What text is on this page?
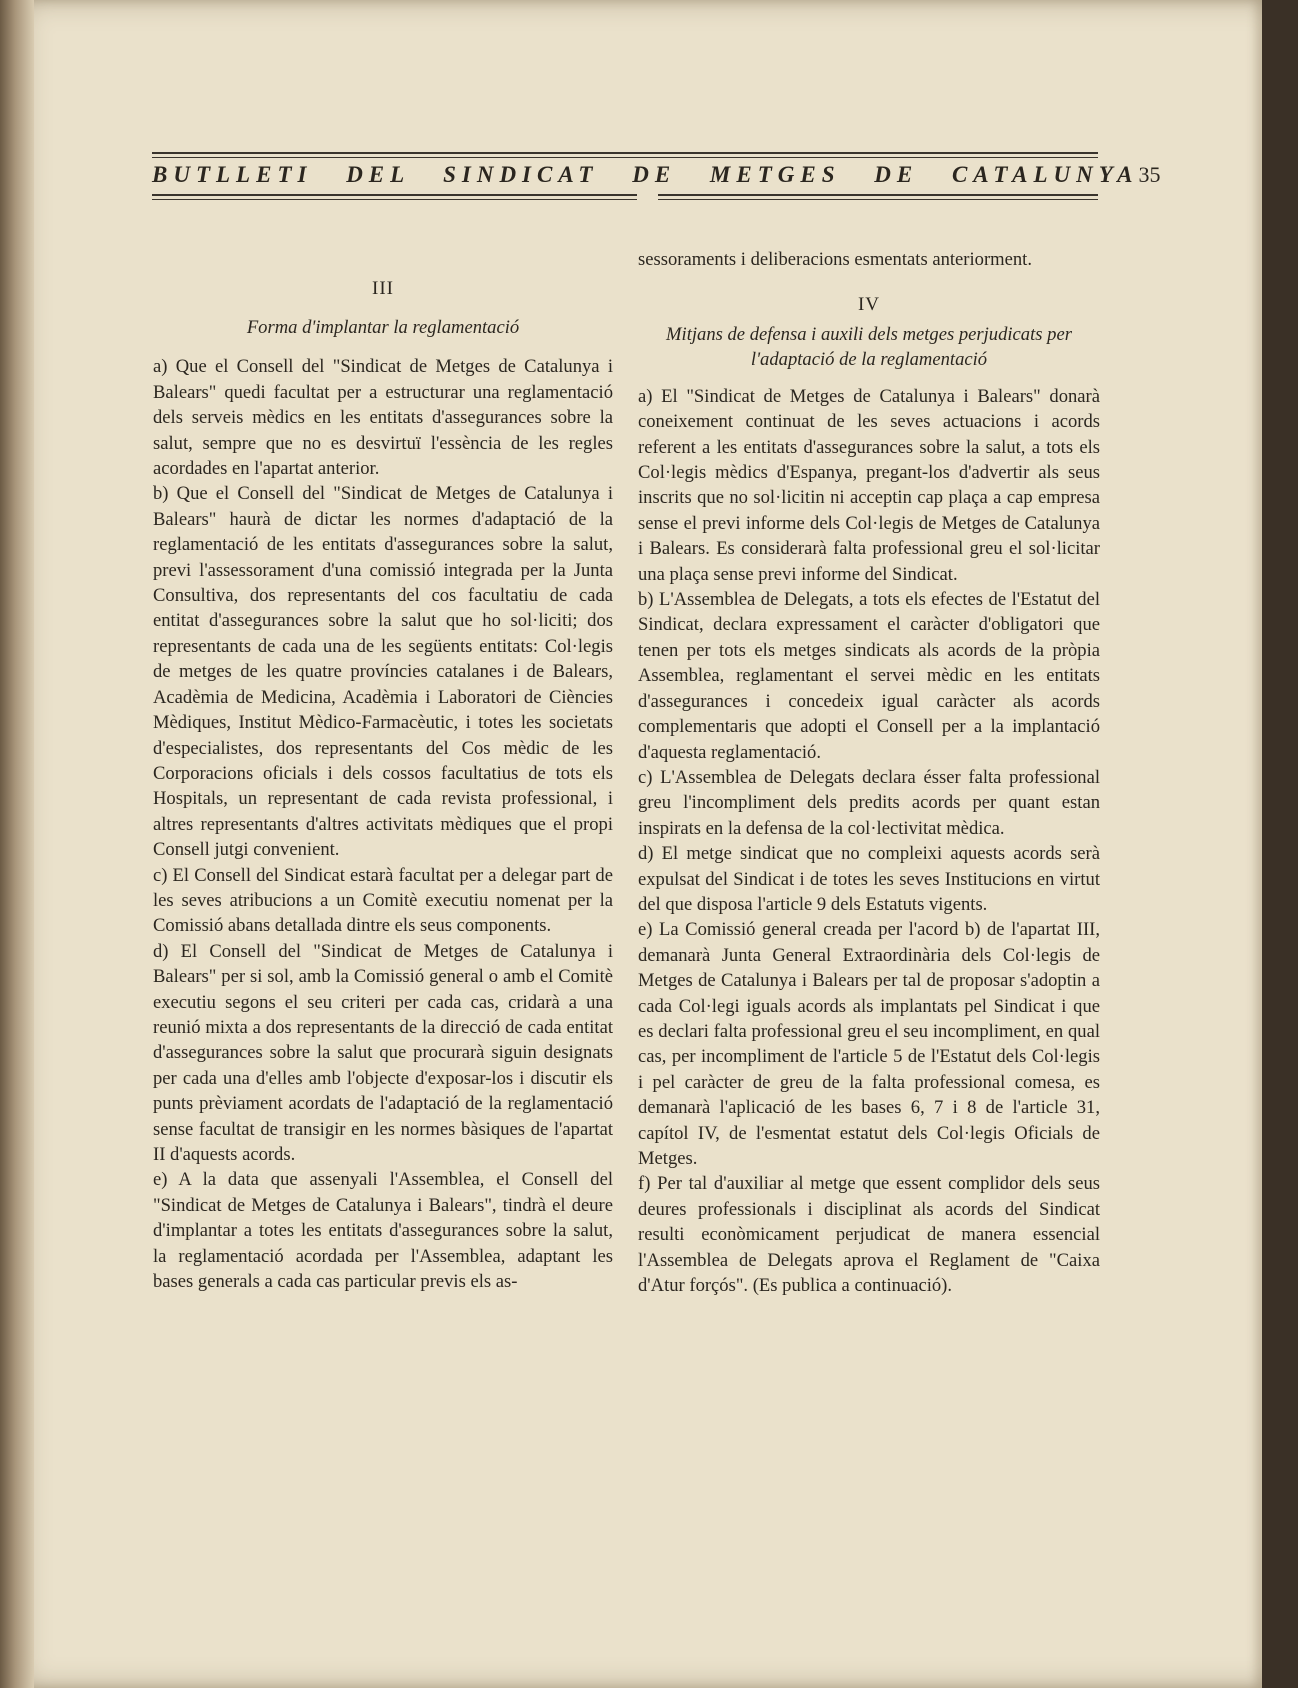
BUTLLETI DEL SINDICAT DE METGES DE CATALUNYA 35
III
Forma d'implantar la reglamentació

a) Que el Consell del "Sindicat de Metges de Catalunya i Balears" quedi facultat per a estructurar una reglamentació dels serveis mèdics en les entitats d'assegurances sobre la salut, sempre que no es desvirtuï l'essència de les regles acordades en l'apartat anterior.

b) Que el Consell del "Sindicat de Metges de Catalunya i Balears" haurà de dictar les normes d'adaptació de la reglamentació de les entitats d'assegurances sobre la salut, previ l'assessorament d'una comissió integrada per la Junta Consultiva, dos representants del cos facultatiu de cada entitat d'assegurances sobre la salut que ho sol·liciti; dos representants de cada una de les següents entitats: Col·legis de metges de les quatre províncies catalanes i de Balears, Acadèmia de Medicina, Acadèmia i Laboratori de Ciències Mèdiques, Institut Mèdico-Farmacèutic, i totes les societats d'especialistes, dos representants del Cos mèdic de les Corporacions oficials i dels cossos facultatius de tots els Hospitals, un representant de cada revista professional, i altres representants d'altres activitats mèdiques que el propi Consell jutgi convenient.

c) El Consell del Sindicat estarà facultat per a delegar part de les seves atribucions a un Comitè executiu nomenat per la Comissió abans detallada dintre els seus components.

d) El Consell del "Sindicat de Metges de Catalunya i Balears" per si sol, amb la Comissió general o amb el Comitè executiu segons el seu criteri per cada cas, cridarà a una reunió mixta a dos representants de la direcció de cada entitat d'assegurances sobre la salut que procurarà siguin designats per cada una d'elles amb l'objecte d'exposar-los i discutir els punts prèviament acordats de l'adaptació de la reglamentació sense facultat de transigir en les normes bàsiques de l'apartat II d'aquests acords.

e) A la data que assenyali l'Assemblea, el Consell del "Sindicat de Metges de Catalunya i Balears", tindrà el deure d'implantar a totes les entitats d'assegurances sobre la salut, la reglamentació acordada per l'Assemblea, adaptant les bases generals a cada cas particular previs els as-

sessoraments i deliberacions esmentats anteriorment.

IV
Mitjans de defensa i auxili dels metges perjudicats per l'adaptació de la reglamentació

a) El "Sindicat de Metges de Catalunya i Balears" donarà coneixement continuat de les seves actuacions i acords referent a les entitats d'assegurances sobre la salut, a tots els Col·legis mèdics d'Espanya, pregant-los d'advertir als seus inscrits que no sol·licitin ni acceptin cap plaça a cap empresa sense el previ informe dels Col·legis de Metges de Catalunya i Balears. Es considerarà falta professional greu el sol·licitar una plaça sense previ informe del Sindicat.

b) L'Assemblea de Delegats, a tots els efectes de l'Estatut del Sindicat, declara expressament el caràcter d'obligatori que tenen per tots els metges sindicats als acords de la pròpia Assemblea, reglamentant el servei mèdic en les entitats d'assegurances i concedeix igual caràcter als acords complementaris que adopti el Consell per a la implantació d'aquesta reglamentació.

c) L'Assemblea de Delegats declara ésser falta professional greu l'incompliment dels predits acords per quant estan inspirats en la defensa de la col·lectivitat mèdica.

d) El metge sindicat que no compleixi aquests acords serà expulsat del Sindicat i de totes les seves Institucions en virtut del que disposa l'article 9 dels Estatuts vigents.

e) La Comissió general creada per l'acord b) de l'apartat III, demanarà Junta General Extraordinària dels Col·legis de Metges de Catalunya i Balears per tal de proposar s'adoptin a cada Col·legi iguals acords als implantats pel Sindicat i que es declari falta professional greu el seu incompliment, en qual cas, per incompliment de l'article 5 de l'Estatut dels Col·legis i pel caràcter de greu de la falta professional comesa, es demanarà l'aplicació de les bases 6, 7 i 8 de l'article 31, capítol IV, de l'esmentat estatut dels Col·legis Oficials de Metges.

f) Per tal d'auxiliar al metge que essent complidor dels seus deures professionals i disciplinat als acords del Sindicat resulti econòmicament perjudicat de manera essencial l'Assemblea de Delegats aprova el Reglament de "Caixa d'Atur forçós". (Es publica a continuació).
